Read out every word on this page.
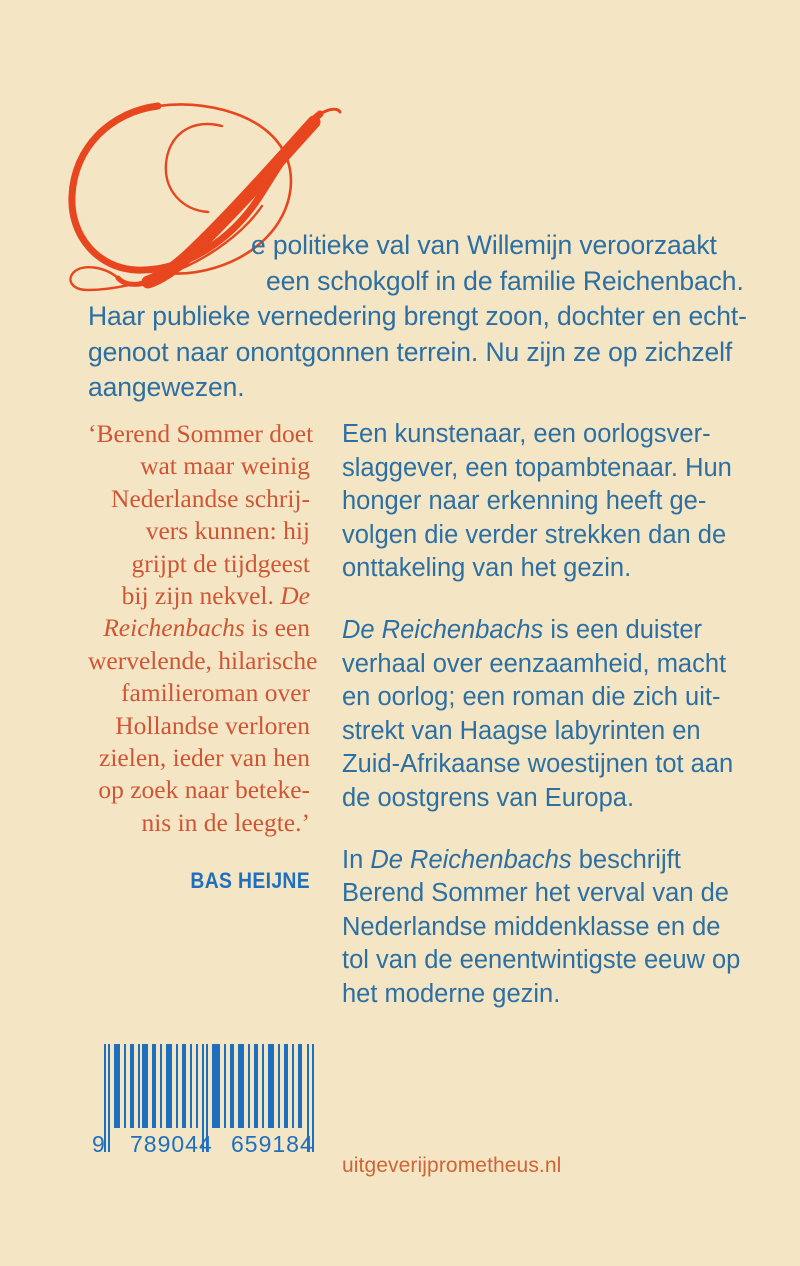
e politieke val van Willemijn veroorzaakt
een schokgolf in de familie Reichenbach.
Haar publieke vernedering brengt zoon, dochter en echt-
genoot naar onontgonnen terrein. Nu zijn ze op zichzelf
aangewezen.
‘Berend Sommer doet
wat maar weinig
Nederlandse schrij-
vers kunnen: hij
grijpt de tijdgeest
bij zijn nekvel. De
Reichenbachs is een
wervelende, hilarische
familieroman over
Hollandse verloren
zielen, ieder van hen
op zoek naar beteke-
nis in de leegte.’
BAS HEIJNE

Een kunstenaar, een oorlogsver-
slaggever, een topambtenaar. Hun
honger naar erkenning heeft ge-
volgen die verder strekken dan de
onttakeling van het gezin.

De Reichenbachs is een duister
verhaal over eenzaamheid, macht
en oorlog; een roman die zich uit-
strekt van Haagse labyrinten en
Zuid-Afrikaanse woestijnen tot aan
de oostgrens van Europa.

In De Reichenbachs beschrijft
Berend Sommer het verval van de
Nederlandse middenklasse en de
tol van de eenentwintigste eeuw op
het moderne gezin.

9

789044

659184

uitgeverijprometheus.nl
